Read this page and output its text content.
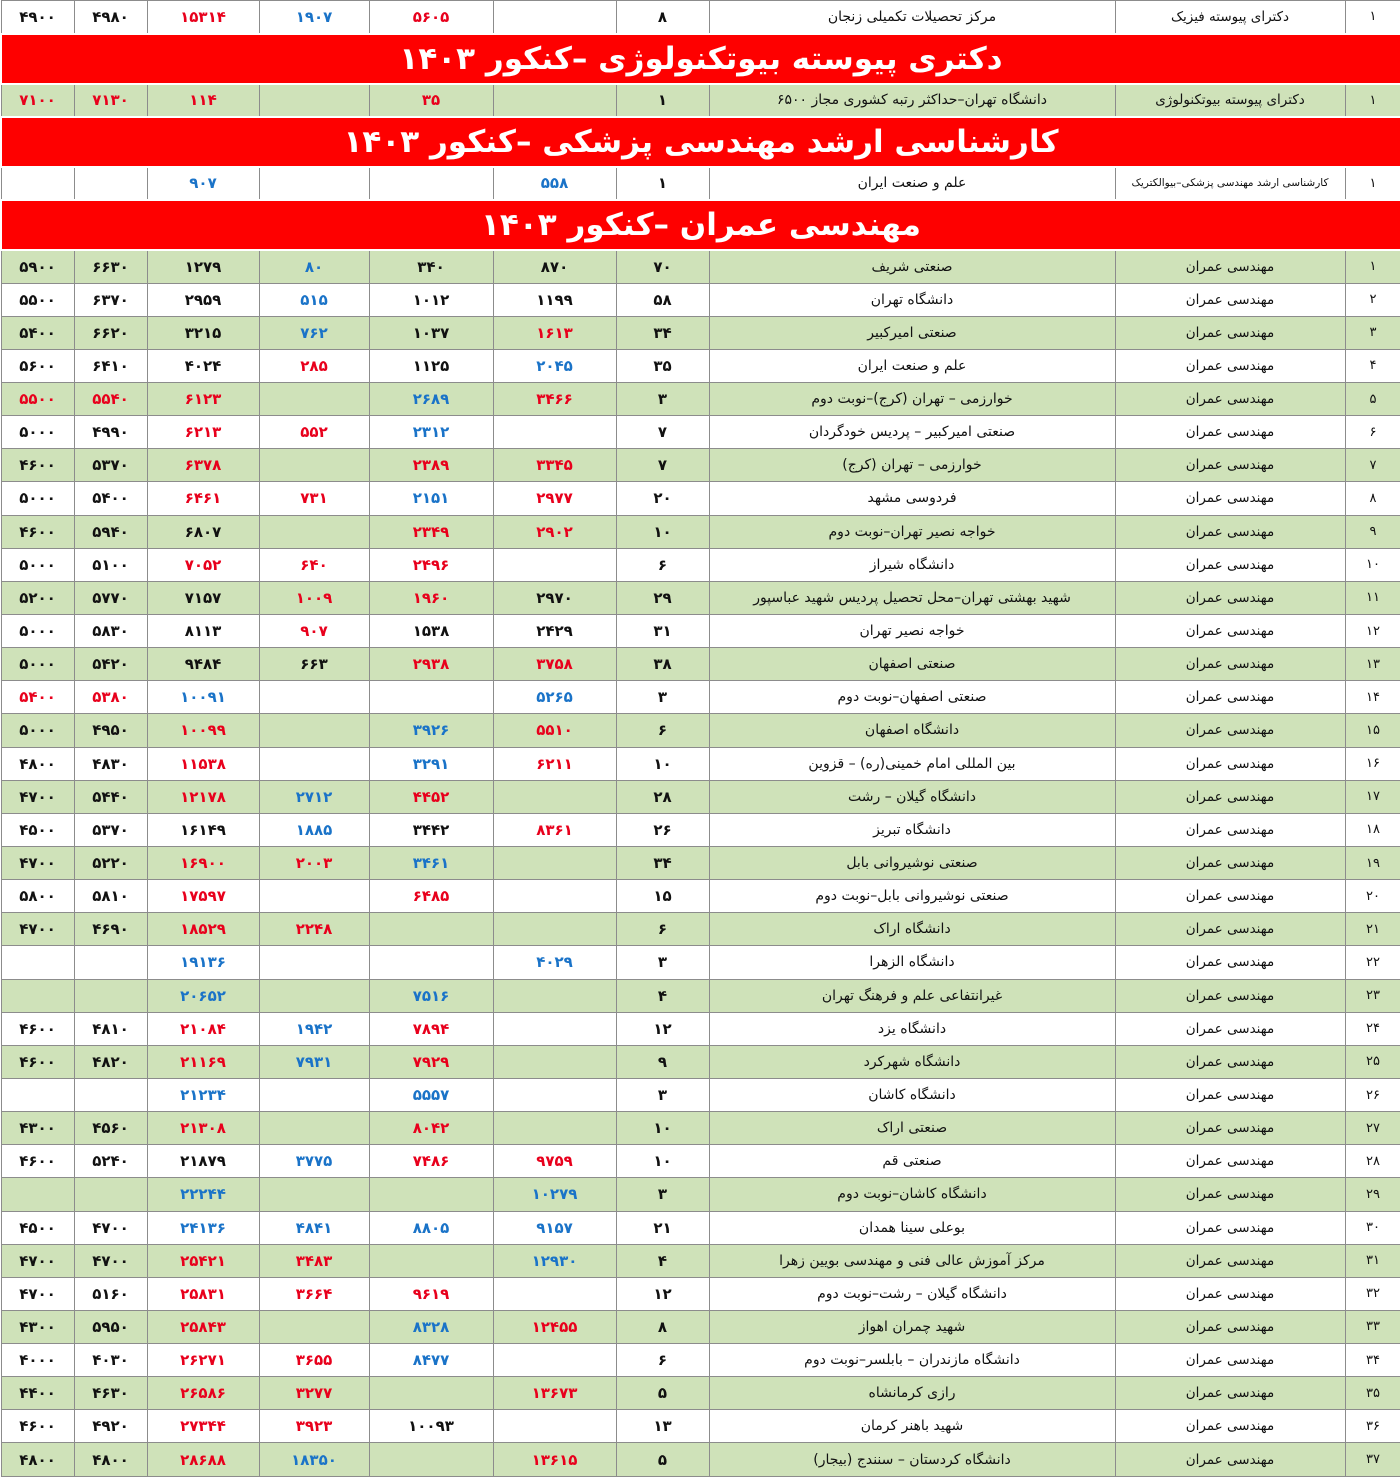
۱	دکترای پیوسته فیزیک	مرکز تحصیلات تکمیلی زنجان	۸		۵۶۰۵	۱۹۰۷	۱۵۳۱۴	۴۹۸۰	۴۹۰۰
دکتری پیوسته بیوتکنولوژی –کنکور ۱۴۰۳									
۱	دکترای پیوسته بیوتکنولوژی	دانشگاه تهران–حداکثر رتبه کشوری مجاز ۶۵۰۰	۱		۳۵		۱۱۴	۷۱۳۰	۷۱۰۰
کارشناسی ارشد مهندسی پزشکی –کنکور ۱۴۰۳									
۱	کارشناسی ارشد مهندسی پزشکی–بیوالکتریک	علم و صنعت ایران	۱	۵۵۸			۹۰۷		
مهندسی عمران –کنکور ۱۴۰۳									
۱	مهندسی عمران	صنعتی شریف	۷۰	۸۷۰	۳۴۰	۸۰	۱۲۷۹	۶۶۳۰	۵۹۰۰
۲	مهندسی عمران	دانشگاه تهران	۵۸	۱۱۹۹	۱۰۱۲	۵۱۵	۲۹۵۹	۶۳۷۰	۵۵۰۰
۳	مهندسی عمران	صنعتی امیرکبیر	۳۴	۱۶۱۳	۱۰۳۷	۷۶۲	۳۲۱۵	۶۶۲۰	۵۴۰۰
۴	مهندسی عمران	علم و صنعت ایران	۳۵	۲۰۴۵	۱۱۲۵	۲۸۵	۴۰۲۴	۶۴۱۰	۵۶۰۰
۵	مهندسی عمران	خوارزمی – تهران (کرج)–نوبت دوم	۳	۳۴۶۶	۲۶۸۹		۶۱۲۳	۵۵۴۰	۵۵۰۰
۶	مهندسی عمران	صنعتی امیرکبیر – پردیس خودگردان	۷		۲۳۱۲	۵۵۲	۶۲۱۳	۴۹۹۰	۵۰۰۰
۷	مهندسی عمران	خوارزمی – تهران (کرج)	۷	۳۳۴۵	۲۳۸۹		۶۳۷۸	۵۳۷۰	۴۶۰۰
۸	مهندسی عمران	فردوسی مشهد	۲۰	۲۹۷۷	۲۱۵۱	۷۳۱	۶۴۶۱	۵۴۰۰	۵۰۰۰
۹	مهندسی عمران	خواجه نصیر تهران–نوبت دوم	۱۰	۲۹۰۲	۲۳۴۹		۶۸۰۷	۵۹۴۰	۴۶۰۰
۱۰	مهندسی عمران	دانشگاه شیراز	۶		۲۴۹۶	۶۴۰	۷۰۵۲	۵۱۰۰	۵۰۰۰
۱۱	مهندسی عمران	شهید بهشتی تهران–محل تحصیل پردیس شهید عباسپور	۲۹	۲۹۷۰	۱۹۶۰	۱۰۰۹	۷۱۵۷	۵۷۷۰	۵۲۰۰
۱۲	مهندسی عمران	خواجه نصیر تهران	۳۱	۲۴۲۹	۱۵۳۸	۹۰۷	۸۱۱۳	۵۸۳۰	۵۰۰۰
۱۳	مهندسی عمران	صنعتی اصفهان	۳۸	۳۷۵۸	۲۹۳۸	۶۶۳	۹۴۸۴	۵۴۲۰	۵۰۰۰
۱۴	مهندسی عمران	صنعتی اصفهان–نوبت دوم	۳	۵۲۶۵			۱۰۰۹۱	۵۳۸۰	۵۴۰۰
۱۵	مهندسی عمران	دانشگاه اصفهان	۶	۵۵۱۰	۳۹۲۶		۱۰۰۹۹	۴۹۵۰	۵۰۰۰
۱۶	مهندسی عمران	بین المللی امام خمینی(ره) – قزوین	۱۰	۶۲۱۱	۳۲۹۱		۱۱۵۳۸	۴۸۳۰	۴۸۰۰
۱۷	مهندسی عمران	دانشگاه گیلان – رشت	۲۸		۴۴۵۲	۲۷۱۲	۱۲۱۷۸	۵۴۴۰	۴۷۰۰
۱۸	مهندسی عمران	دانشگاه تبریز	۲۶	۸۳۶۱	۳۴۴۲	۱۸۸۵	۱۶۱۴۹	۵۳۷۰	۴۵۰۰
۱۹	مهندسی عمران	صنعتی نوشیروانی بابل	۳۴		۳۴۶۱	۲۰۰۳	۱۶۹۰۰	۵۲۲۰	۴۷۰۰
۲۰	مهندسی عمران	صنعتی نوشیروانی بابل–نوبت دوم	۱۵		۶۴۸۵		۱۷۵۹۷	۵۸۱۰	۵۸۰۰
۲۱	مهندسی عمران	دانشگاه اراک	۶			۲۲۴۸	۱۸۵۲۹	۴۶۹۰	۴۷۰۰
۲۲	مهندسی عمران	دانشگاه الزهرا	۳	۴۰۲۹			۱۹۱۳۶		
۲۳	مهندسی عمران	غیرانتفاعی علم و فرهنگ تهران	۴		۷۵۱۶		۲۰۶۵۲		
۲۴	مهندسی عمران	دانشگاه یزد	۱۲		۷۸۹۴	۱۹۴۲	۲۱۰۸۴	۴۸۱۰	۴۶۰۰
۲۵	مهندسی عمران	دانشگاه شهرکرد	۹		۷۹۲۹	۷۹۳۱	۲۱۱۶۹	۴۸۲۰	۴۶۰۰
۲۶	مهندسی عمران	دانشگاه کاشان	۳		۵۵۵۷		۲۱۲۳۴		
۲۷	مهندسی عمران	صنعتی اراک	۱۰		۸۰۴۲		۲۱۳۰۸	۴۵۶۰	۴۳۰۰
۲۸	مهندسی عمران	صنعتی قم	۱۰	۹۷۵۹	۷۴۸۶	۳۷۷۵	۲۱۸۷۹	۵۲۴۰	۴۶۰۰
۲۹	مهندسی عمران	دانشگاه کاشان–نوبت دوم	۳	۱۰۲۷۹			۲۲۲۴۴		
۳۰	مهندسی عمران	بوعلی سینا همدان	۲۱	۹۱۵۷	۸۸۰۵	۴۸۴۱	۲۴۱۳۶	۴۷۰۰	۴۵۰۰
۳۱	مهندسی عمران	مرکز آموزش عالی فنی و مهندسی بویین زهرا	۴	۱۲۹۳۰		۳۴۸۳	۲۵۴۲۱	۴۷۰۰	۴۷۰۰
۳۲	مهندسی عمران	دانشگاه گیلان – رشت–نوبت دوم	۱۲		۹۶۱۹	۳۶۶۴	۲۵۸۳۱	۵۱۶۰	۴۷۰۰
۳۳	مهندسی عمران	شهید چمران اهواز	۸	۱۲۴۵۵	۸۳۲۸		۲۵۸۴۳	۵۹۵۰	۴۳۰۰
۳۴	مهندسی عمران	دانشگاه مازندران – بابلسر–نوبت دوم	۶		۸۴۷۷	۳۶۵۵	۲۶۲۷۱	۴۰۳۰	۴۰۰۰
۳۵	مهندسی عمران	رازی کرمانشاه	۵	۱۳۶۷۳		۳۲۷۷	۲۶۵۸۶	۴۶۳۰	۴۴۰۰
۳۶	مهندسی عمران	شهید باهنر کرمان	۱۳		۱۰۰۹۳	۳۹۲۳	۲۷۳۴۴	۴۹۲۰	۴۶۰۰
۳۷	مهندسی عمران	دانشگاه کردستان – سنندج (بیجار)	۵	۱۳۶۱۵		۱۸۳۵۰	۲۸۶۸۸	۴۸۰۰	۴۸۰۰
